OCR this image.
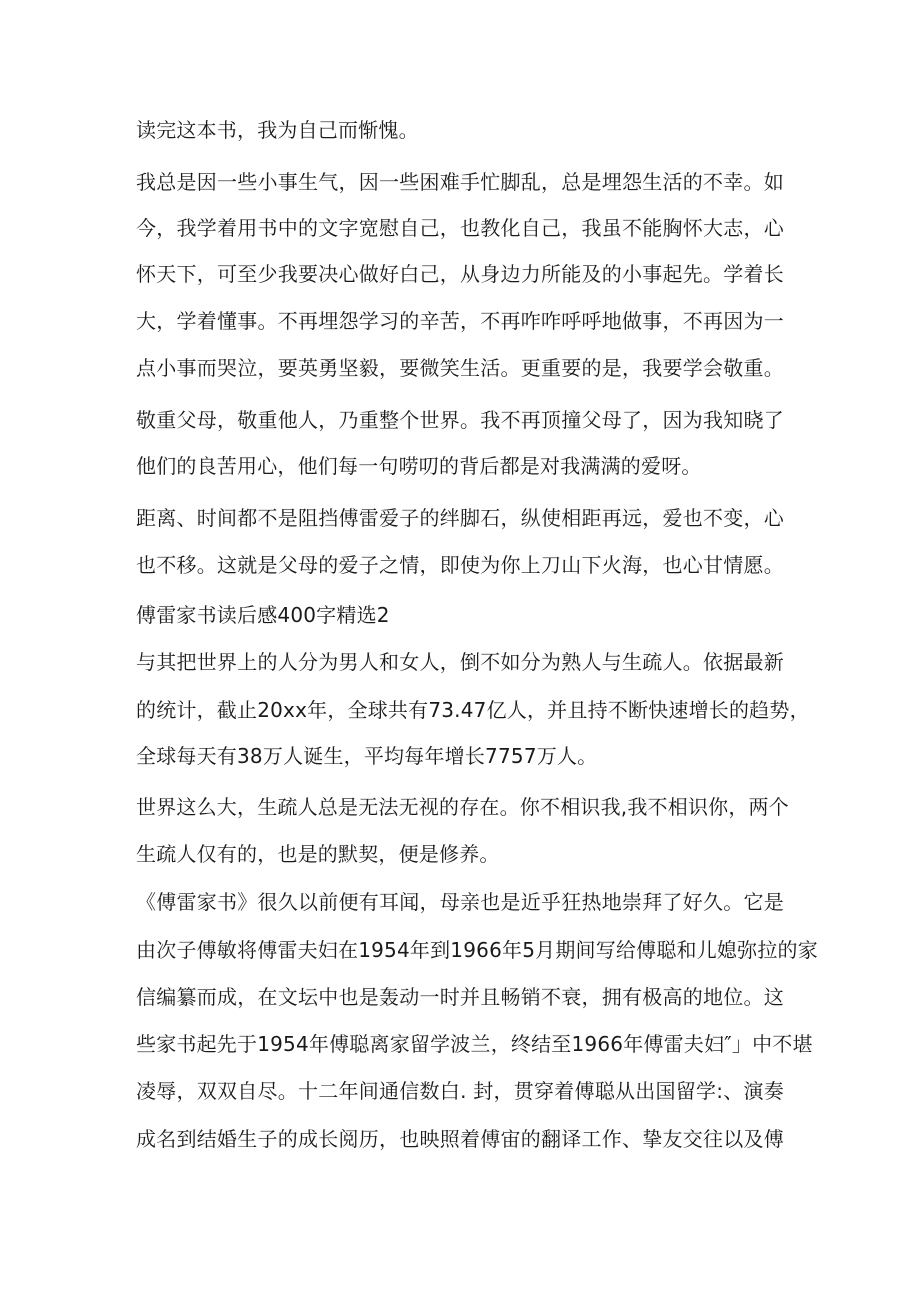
读完这本书，我为自己而惭愧。
我总是因一些小事生气，因一些困难手忙脚乱，总是埋怨生活的不幸。如
今，我学着用书中的文字宽慰自己，也教化自己，我虽不能胸怀大志，心
怀天下，可至少我要决心做好白己，从身边力所能及的小事起先。学着长
大，学着懂事。不再埋怨学习的辛苦，不再咋咋呼呼地做事，不再因为一
点小事而哭泣，要英勇坚毅，要微笑生活。更重要的是，我要学会敬重。
敬重父母，敬重他人，乃重整个世界。我不再顶撞父母了，因为我知晓了
他们的良苦用心，他们每一句唠叨的背后都是对我满满的爱呀。
距离、时间都不是阻挡傅雷爱子的绊脚石，纵使相距再远，爱也不变，心
也不移。这就是父母的爱子之情，即使为你上刀山下火海，也心甘情愿。
傅雷家书读后感400字精选2
与其把世界上的人分为男人和女人，倒不如分为熟人与生疏人。依据最新
的统计，截止20xx年，全球共有73.47亿人，并且持不断快速增长的趋势，
全球每天有38万人诞生，平均每年增长7757万人。
世界这么大，生疏人总是无法无视的存在。你不相识我,我不相识你，两个
生疏人仅有的，也是的默契，便是修养。
《傅雷家书》很久以前便有耳闻，母亲也是近乎狂热地崇拜了好久。它是
由次子傅敏将傅雷夫妇在1954年到1966年5月期间写给傅聪和儿媳弥拉的家
信编纂而成，在文坛中也是轰动一时并且畅销不衰，拥有极高的地位。这
些家书起先于1954年傅聪离家留学波兰，终结至1966年傅雷夫妇″」中不堪
凌辱，双双自尽。十二年间通信数白. 封，贯穿着傅聪从出国留学:、演奏
成名到结婚生子的成长阅历，也映照着傅宙的翻译工作、挚友交往以及傅
